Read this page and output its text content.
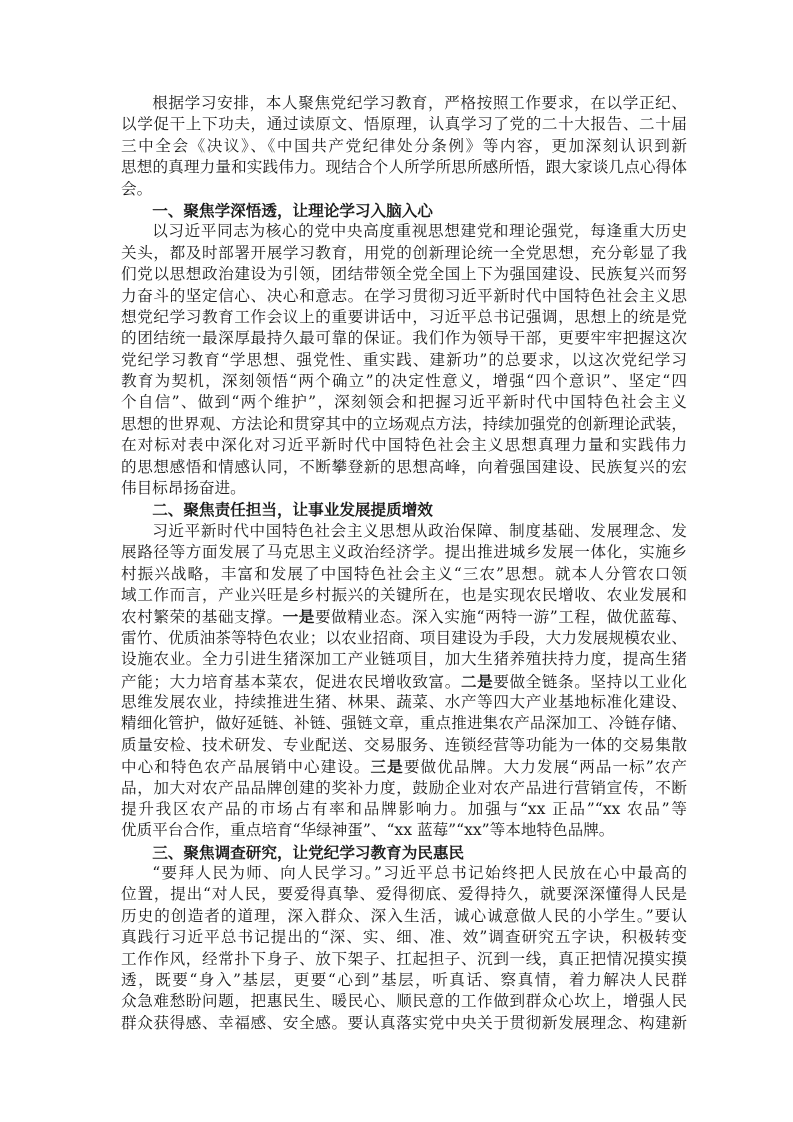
根据学习安排，本人聚焦党纪学习教育，严格按照工作要求，在以学正纪、
以学促干上下功夫，通过读原文、悟原理，认真学习了党的二十大报告、二十届
三中全会《决议》、《中国共产党纪律处分条例》等内容，更加深刻认识到新
思想的真理力量和实践伟力。现结合个人所学所思所感所悟，跟大家谈几点心得体
会。
一、聚焦学深悟透，让理论学习入脑入心
以习近平同志为核心的党中央高度重视思想建党和理论强党，每逢重大历史
关头，都及时部署开展学习教育，用党的创新理论统一全党思想，充分彰显了我
们党以思想政治建设为引领，团结带领全党全国上下为强国建设、民族复兴而努
力奋斗的坚定信心、决心和意志。在学习贯彻习近平新时代中国特色社会主义思
想党纪学习教育工作会议上的重要讲话中，习近平总书记强调，思想上的统是党
的团结统一最深厚最持久最可靠的保证。我们作为领导干部，更要牢牢把握这次
党纪学习教育“学思想、强党性、重实践、建新功”的总要求，以这次党纪学习
教育为契机，深刻领悟“两个确立”的决定性意义，增强“四个意识”、坚定“四
个自信”、做到“两个维护”，深刻领会和把握习近平新时代中国特色社会主义
思想的世界观、方法论和贯穿其中的立场观点方法，持续加强党的创新理论武装，
在对标对表中深化对习近平新时代中国特色社会主义思想真理力量和实践伟力
的思想感悟和情感认同，不断攀登新的思想高峰，向着强国建设、民族复兴的宏
伟目标昂扬奋进。
二、聚焦责任担当，让事业发展提质增效
习近平新时代中国特色社会主义思想从政治保障、制度基础、发展理念、发
展路径等方面发展了马克思主义政治经济学。提出推进城乡发展一体化，实施乡
村振兴战略，丰富和发展了中国特色社会主义“三农”思想。就本人分管农口领
域工作而言，产业兴旺是乡村振兴的关键所在，也是实现农民增收、农业发展和
农村繁荣的基础支撑。一是要做精业态。深入实施“两特一游”工程，做优蓝莓、
雷竹、优质油茶等特色农业；以农业招商、项目建设为手段，大力发展规模农业、
设施农业。全力引进生猪深加工产业链项目，加大生猪养殖扶持力度，提高生猪
产能；大力培育基本菜农，促进农民增收致富。二是要做全链条。坚持以工业化
思维发展农业，持续推进生猪、林果、蔬菜、水产等四大产业基地标准化建设、
精细化管护，做好延链、补链、强链文章，重点推进集农产品深加工、冷链存储、
质量安检、技术研发、专业配送、交易服务、连锁经营等功能为一体的交易集散
中心和特色农产品展销中心建设。三是要做优品牌。大力发展“两品一标”农产
品，加大对农产品品牌创建的奖补力度，鼓励企业对农产品进行营销宣传，不断
提升我区农产品的市场占有率和品牌影响力。加强与“xx 正品”“xx 农品”等
优质平台合作，重点培育“华绿神蛋”、“xx 蓝莓”“xx”等本地特色品牌。
三、聚焦调查研究，让党纪学习教育为民惠民
“要拜人民为师、向人民学习。”习近平总书记始终把人民放在心中最高的
位置，提出“对人民，要爱得真挚、爱得彻底、爱得持久，就要深深懂得人民是
历史的创造者的道理，深入群众、深入生活，诚心诚意做人民的小学生。”要认
真践行习近平总书记提出的“深、实、细、准、效”调查研究五字诀，积极转变
工作作风，经常扑下身子、放下架子、扛起担子、沉到一线，真正把情况摸实摸
透，既要“身入”基层，更要“心到”基层，听真话、察真情，着力解决人民群
众急难愁盼问题，把惠民生、暖民心、顺民意的工作做到群众心坎上，增强人民
群众获得感、幸福感、安全感。要认真落实党中央关于贯彻新发展理念、构建新
